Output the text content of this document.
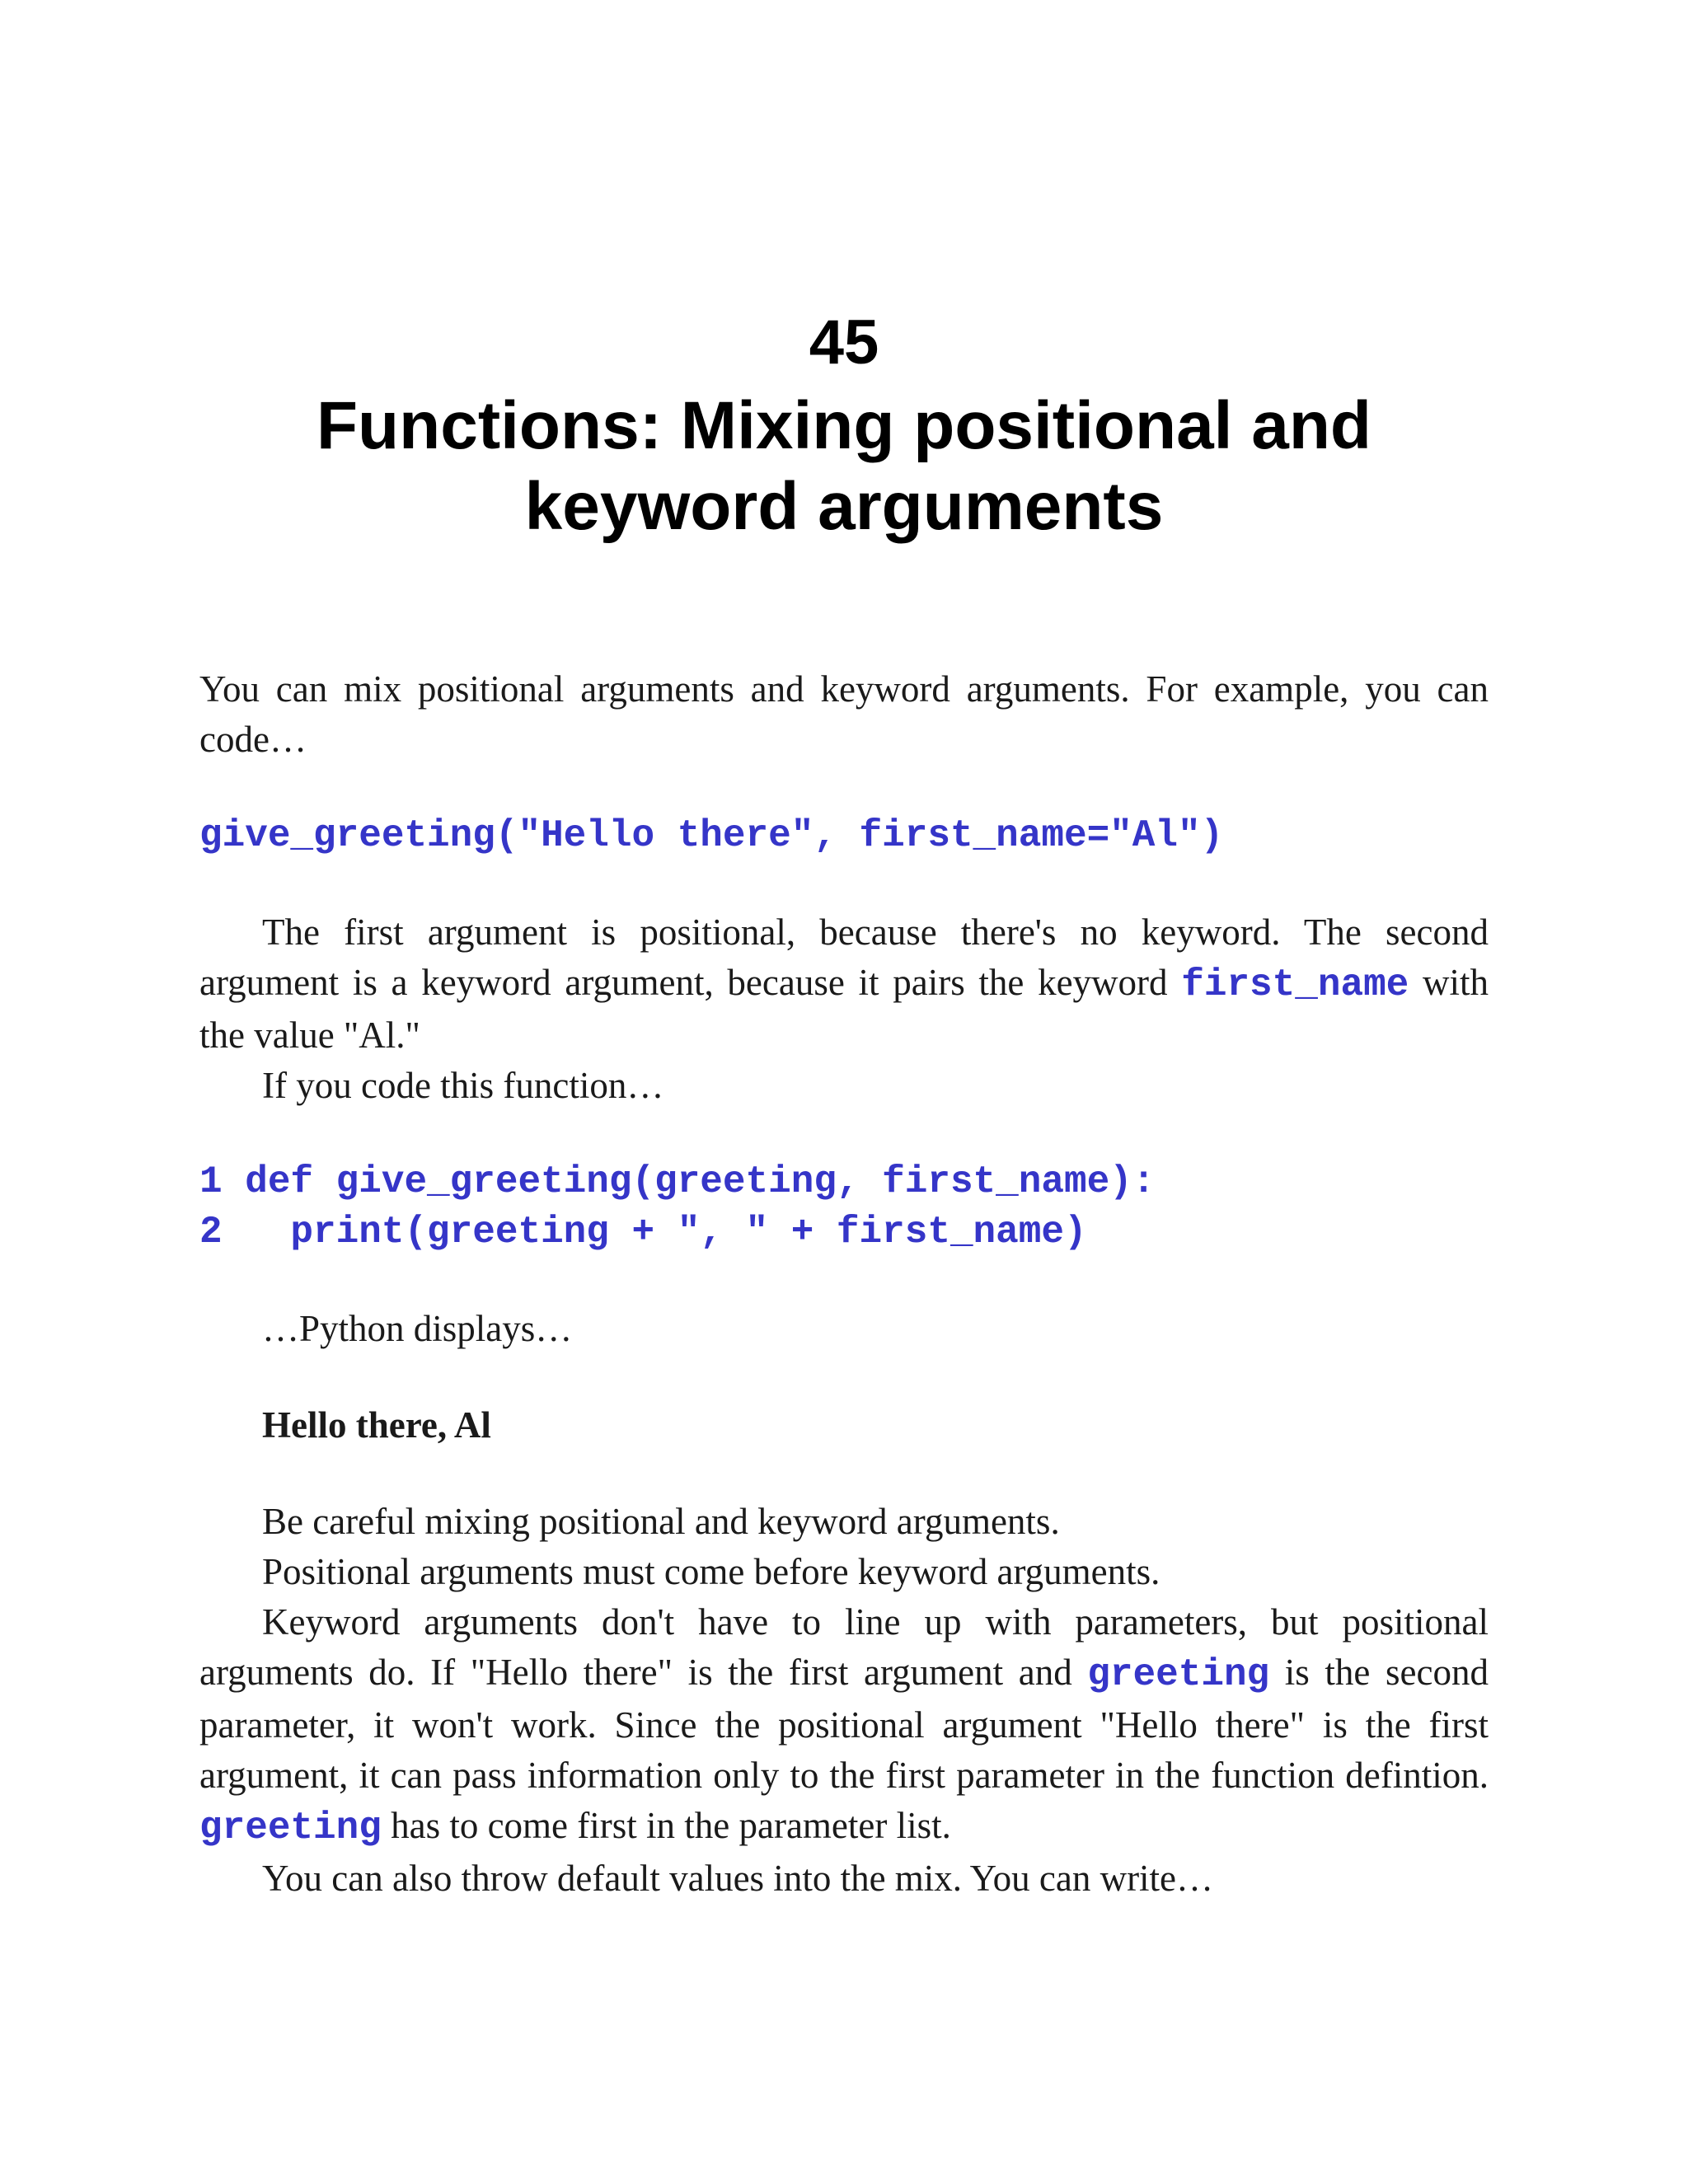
45
Functions: Mixing positional and keyword arguments

You can mix positional arguments and keyword arguments. For example, you can code…

give_greeting("Hello there", first_name="Al")

The first argument is positional, because there's no keyword. The second argument is a keyword argument, because it pairs the keyword first_name with the value "Al."

If you code this function…

1 def give_greeting(greeting, first_name):
2   print(greeting + ", " + first_name)

…Python displays…

Hello there, Al

Be careful mixing positional and keyword arguments.

Positional arguments must come before keyword arguments.

Keyword arguments don't have to line up with parameters, but positional arguments do. If "Hello there" is the first argument and greeting is the second parameter, it won't work. Since the positional argument "Hello there" is the first argument, it can pass information only to the first parameter in the function defintion. greeting has to come first in the parameter list.

You can also throw default values into the mix. You can write…
